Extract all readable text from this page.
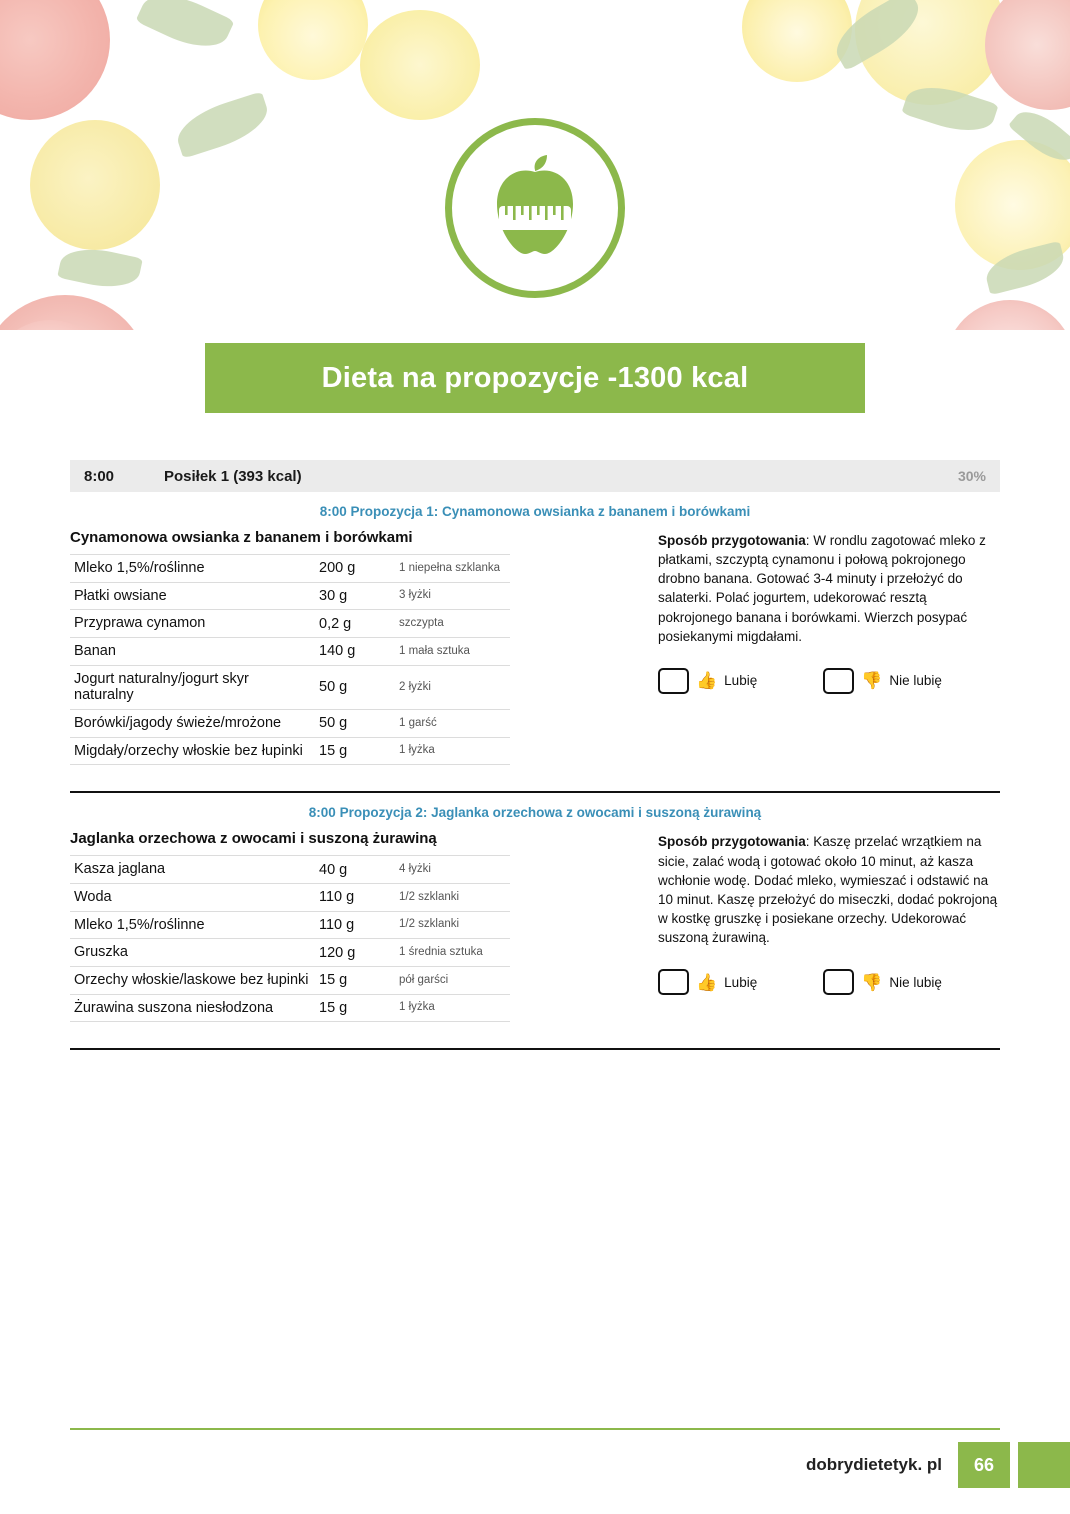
Dieta na propozycje -1300 kcal
8:00	Posiłek 1 (393 kcal)	30%
8:00 Propozycja 1: Cynamonowa owsianka z bananem i borówkami
Cynamonowa owsianka z bananem i borówkami
Mleko 1,5%/roślinne	200 g	1 niepełna szklanka
Płatki owsiane	30 g	3 łyżki
Przyprawa cynamon	0,2 g	szczypta
Banan	140 g	1 mała sztuka
Jogurt naturalny/jogurt skyr naturalny	50 g	2 łyżki
Borówki/jagody świeże/mrożone	50 g	1 garść
Migdały/orzechy włoskie bez łupinki	15 g	1 łyżka
Sposób przygotowania: W rondlu zagotować mleko z płatkami, szczyptą cynamonu i połową pokrojonego drobno banana. Gotować 3-4 minuty i przełożyć do salaterki. Polać jogurtem, udekorować resztą pokrojonego banana i borówkami. Wierzch posypać posiekanymi migdałami.
👍 Lubię	👎 Nie lubię
8:00 Propozycja 2: Jaglanka orzechowa z owocami i suszoną żurawiną
Jaglanka orzechowa z owocami i suszoną żurawiną
Kasza jaglana	40 g	4 łyżki
Woda	110 g	1/2 szklanki
Mleko 1,5%/roślinne	110 g	1/2 szklanki
Gruszka	120 g	1 średnia sztuka
Orzechy włoskie/laskowe bez łupinki	15 g	pół garści
Żurawina suszona niesłodzona	15 g	1 łyżka
Sposób przygotowania: Kaszę przelać wrzątkiem na sicie, zalać wodą i gotować około 10 minut, aż kasza wchłonie wodę. Dodać mleko, wymieszać i odstawić na 10 minut. Kaszę przełożyć do miseczki, dodać pokrojoną w kostkę gruszkę i posiekane orzechy. Udekorować suszoną żurawiną.
👍 Lubię	👎 Nie lubię
dobrydietetyk. pl	66
